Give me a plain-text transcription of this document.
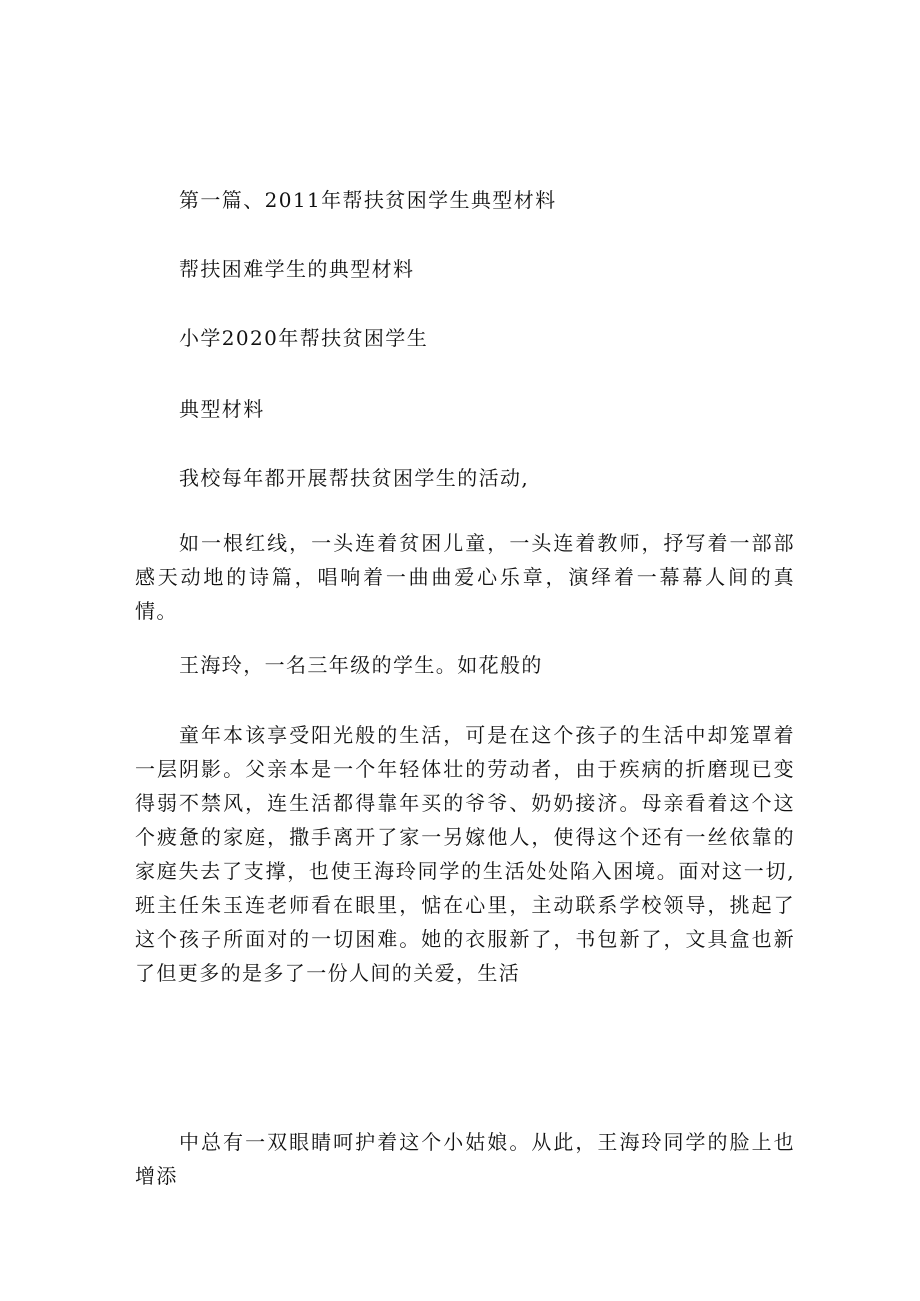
第一篇、2011年帮扶贫困学生典型材料

帮扶困难学生的典型材料

小学2020年帮扶贫困学生

典型材料

我校每年都开展帮扶贫困学生的活动,

如一根红线，一头连着贫困儿童，一头连着教师，抒写着一部部感天动地的诗篇，唱响着一曲曲爱心乐章，演绎着一幕幕人间的真情。

王海玲，一名三年级的学生。如花般的

童年本该享受阳光般的生活，可是在这个孩子的生活中却笼罩着一层阴影。父亲本是一个年轻体壮的劳动者，由于疾病的折磨现已变得弱不禁风，连生活都得靠年买的爷爷、奶奶接济。母亲看着这个这个疲惫的家庭，撒手离开了家一另嫁他人，使得这个还有一丝依靠的家庭失去了支撑，也使王海玲同学的生活处处陷入困境。面对这一切,班主任朱玉连老师看在眼里，惦在心里，主动联系学校领导，挑起了这个孩子所面对的一切困难。她的衣服新了，书包新了，文具盒也新了但更多的是多了一份人间的关爱，生活

中总有一双眼睛呵护着这个小姑娘。从此，王海玲同学的脸上也增添
